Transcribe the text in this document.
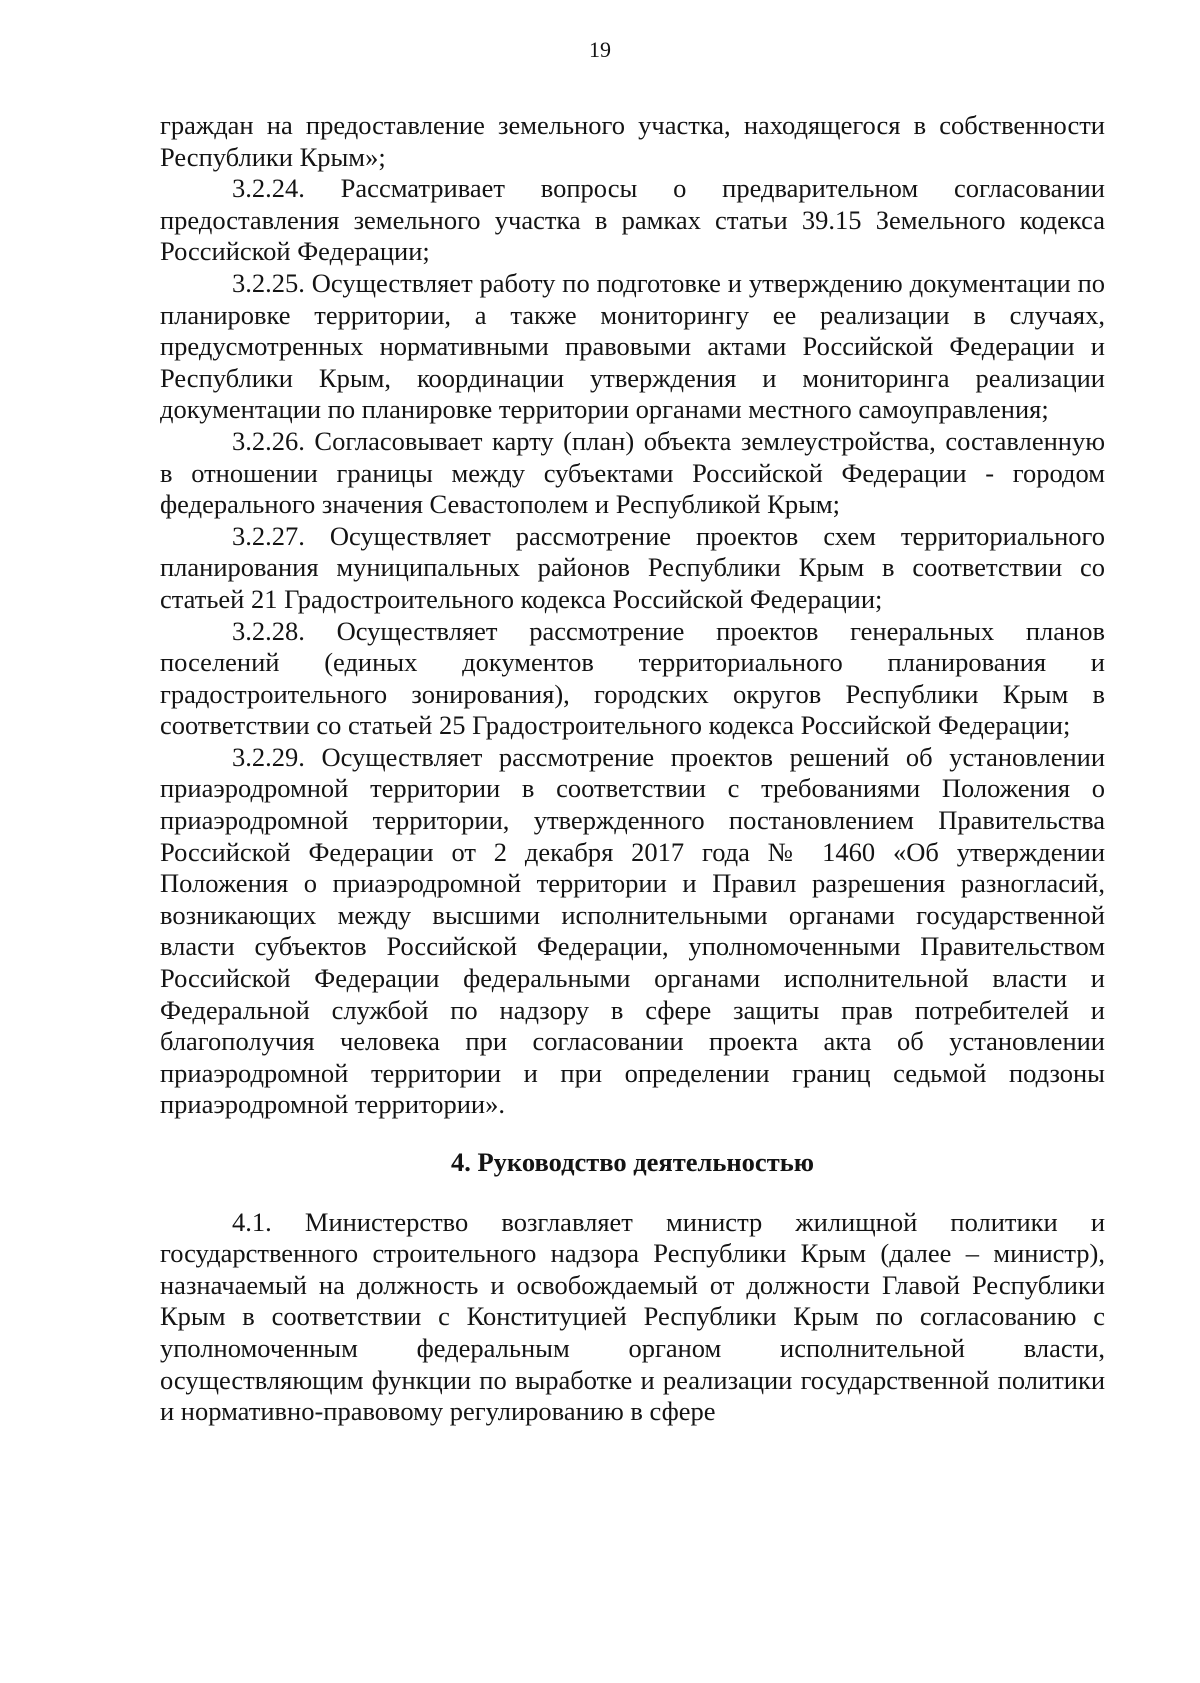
19

граждан на предоставление земельного участка, находящегося в собственности Республики Крым»;

3.2.24. Рассматривает вопросы о предварительном согласовании предоставления земельного участка в рамках статьи 39.15 Земельного кодекса Российской Федерации;

3.2.25. Осуществляет работу по подготовке и утверждению документации по планировке территории, а также мониторингу ее реализации в случаях, предусмотренных нормативными правовыми актами Российской Федерации и Республики Крым, координации утверждения и мониторинга реализации документации по планировке территории органами местного самоуправления;

3.2.26. Согласовывает карту (план) объекта землеустройства, составленную в отношении границы между субъектами Российской Федерации - городом федерального значения Севастополем и Республикой Крым;

3.2.27. Осуществляет рассмотрение проектов схем территориального планирования муниципальных районов Республики Крым в соответствии со статьей 21 Градостроительного кодекса Российской Федерации;

3.2.28. Осуществляет рассмотрение проектов генеральных планов поселений (единых документов территориального планирования и градостроительного зонирования), городских округов Республики Крым в соответствии со статьей 25 Градостроительного кодекса Российской Федерации;

3.2.29. Осуществляет рассмотрение проектов решений об установлении приаэродромной территории в соответствии с требованиями Положения о приаэродромной территории, утвержденного постановлением Правительства Российской Федерации от 2 декабря 2017 года № 1460 «Об утверждении Положения о приаэродромной территории и Правил разрешения разногласий, возникающих между высшими исполнительными органами государственной власти субъектов Российской Федерации, уполномоченными Правительством Российской Федерации федеральными органами исполнительной власти и Федеральной службой по надзору в сфере защиты прав потребителей и благополучия человека при согласовании проекта акта об установлении приаэродромной территории и при определении границ седьмой подзоны приаэродромной территории».

4. Руководство деятельностью

4.1. Министерство возглавляет министр жилищной политики и государственного строительного надзора Республики Крым (далее – министр), назначаемый на должность и освобождаемый от должности Главой Республики Крым в соответствии с Конституцией Республики Крым по согласованию с уполномоченным федеральным органом исполнительной власти, осуществляющим функции по выработке и реализации государственной политики и нормативно-правовому регулированию в сфере
